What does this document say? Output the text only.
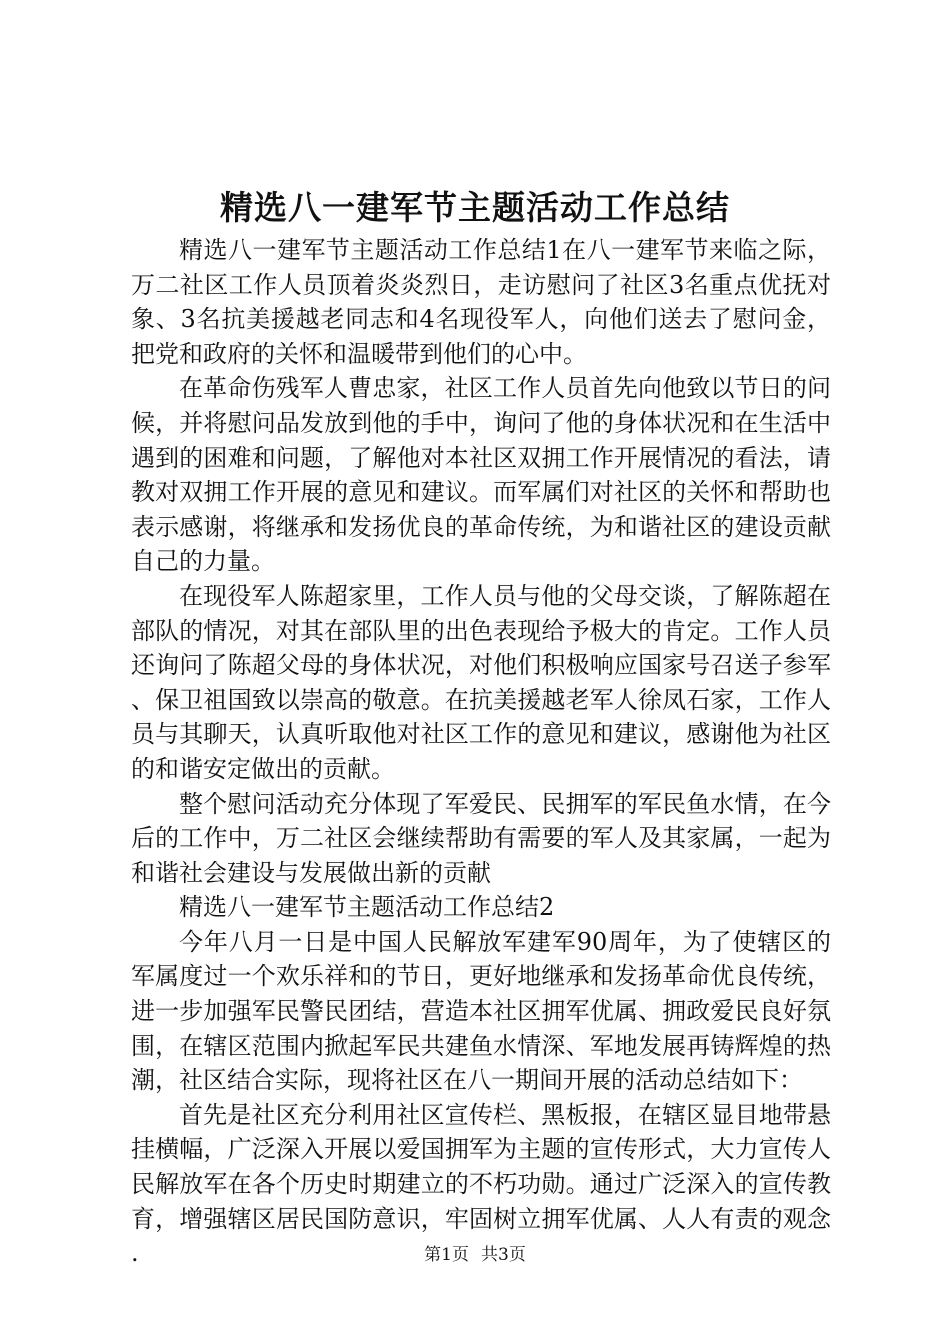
精选八一建军节主题活动工作总结

精选八一建军节主题活动工作总结1在八一建军节来临之际，万二社区工作人员顶着炎炎烈日，走访慰问了社区3名重点优抚对象、3名抗美援越老同志和4名现役军人，向他们送去了慰问金，把党和政府的关怀和温暖带到他们的心中。

在革命伤残军人曹忠家，社区工作人员首先向他致以节日的问候，并将慰问品发放到他的手中，询问了他的身体状况和在生活中遇到的困难和问题，了解他对本社区双拥工作开展情况的看法，请教对双拥工作开展的意见和建议。而军属们对社区的关怀和帮助也表示感谢，将继承和发扬优良的革命传统，为和谐社区的建设贡献自己的力量。

在现役军人陈超家里，工作人员与他的父母交谈，了解陈超在部队的情况，对其在部队里的出色表现给予极大的肯定。工作人员还询问了陈超父母的身体状况，对他们积极响应国家号召送子参军、保卫祖国致以崇高的敬意。在抗美援越老军人徐凤石家，工作人员与其聊天，认真听取他对社区工作的意见和建议，感谢他为社区的和谐安定做出的贡献。

整个慰问活动充分体现了军爱民、民拥军的军民鱼水情，在今后的工作中，万二社区会继续帮助有需要的军人及其家属，一起为和谐社会建设与发展做出新的贡献

精选八一建军节主题活动工作总结2

今年八月一日是中国人民解放军建军90周年，为了使辖区的军属度过一个欢乐祥和的节日，更好地继承和发扬革命优良传统，进一步加强军民警民团结，营造本社区拥军优属、拥政爱民良好氛围，在辖区范围内掀起军民共建鱼水情深、军地发展再铸辉煌的热潮，社区结合实际，现将社区在八一期间开展的活动总结如下：

首先是社区充分利用社区宣传栏、黑板报，在辖区显目地带悬挂横幅，广泛深入开展以爱国拥军为主题的宣传形式，大力宣传人民解放军在各个历史时期建立的不朽功勋。通过广泛深入的宣传教育，增强辖区居民国防意识，牢固树立拥军优属、人人有责的观念.	第1页 共3页
